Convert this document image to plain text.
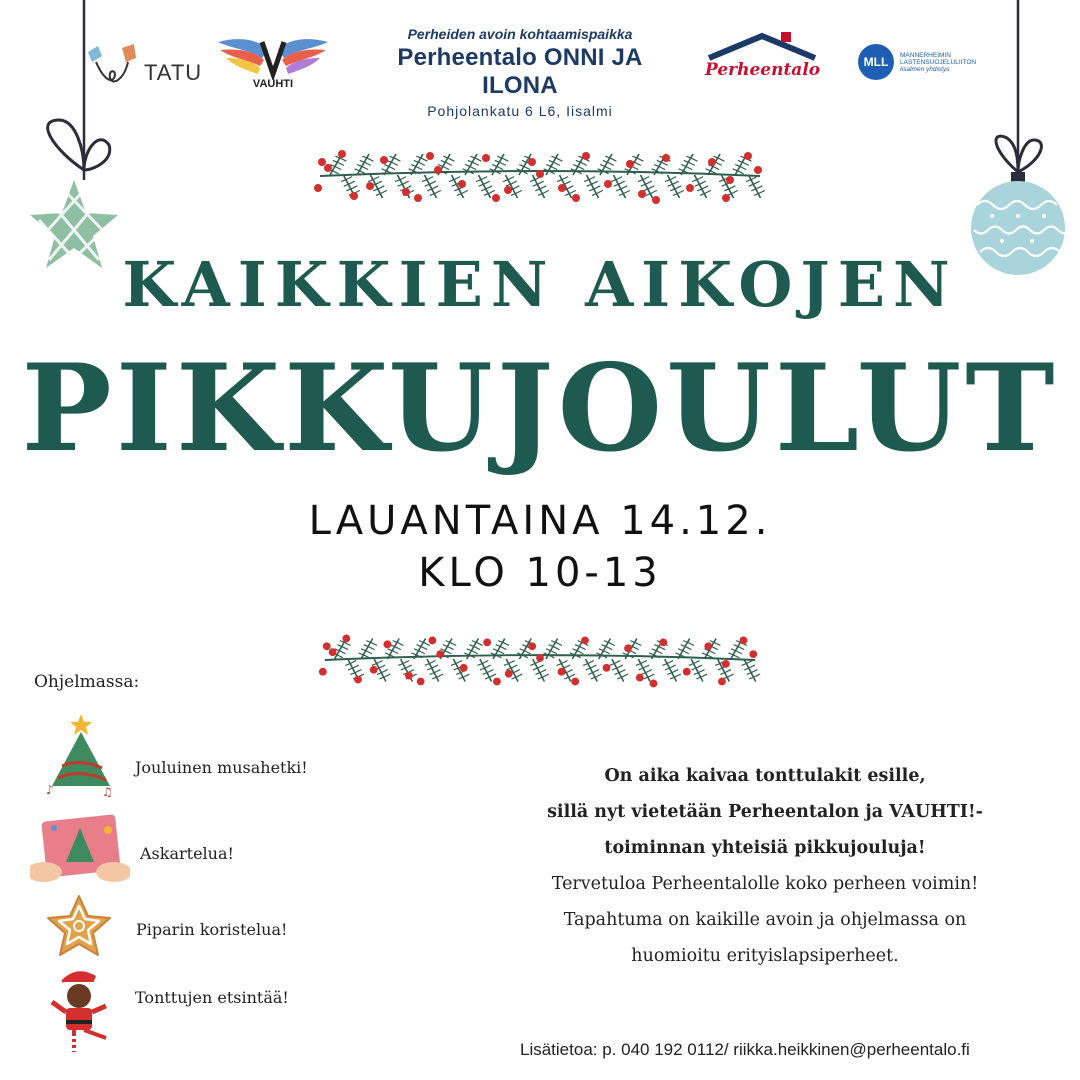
TATU	VAUHTI
Perheiden avoin kohtaamispaikka
Perheentalo ONNI JA ILONA
Pohjolankatu 6 L6, Iisalmi
Perheentalo	MLL	MANNERHEIMIN
LASTENSUOJELULIITON
Iisalmen yhdistys
KAIKKIEN AIKOJEN
PIKKUJOULUT
LAUANTAINA 14.12.
KLO 10-13
Ohjelmassa:
♪	♫
Jouluinen musahetki!
Askartelua!
Piparin koristelua!
Tonttujen etsintää!
On aika kaivaa tonttulakit esille,
sillä nyt vietetään Perheentalon ja VAUHTI!-
toiminnan yhteisiä pikkujouluja!
Tervetuloa Perheentalolle koko perheen voimin!
Tapahtuma on kaikille avoin ja ohjelmassa on
huomioitu erityislapsiperheet.
Lisätietoa: p. 040 192 0112/ riikka.heikkinen@perheentalo.fi
